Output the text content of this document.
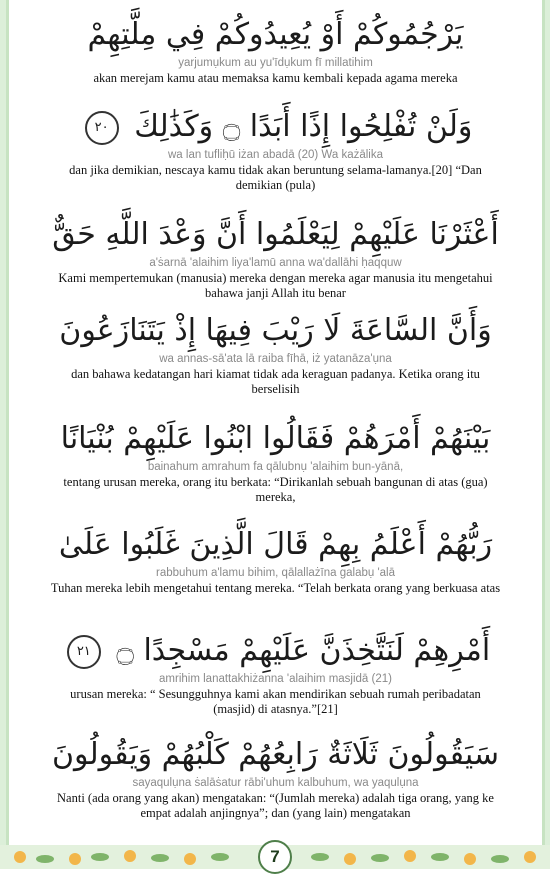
يَرْجُمُوكُمْ أَوْ يُعِيدُوكُمْ فِي مِلَّتِهِمْ
yarjumụkum au yu'īdụkum fī millatihim
akan merejam kamu atau memaksa kamu kembali kepada agama mereka
وَلَنْ تُفْلِحُوا إِذًا أَبَدًا ۝ وَكَذَٰلِكَ ٢٠
wa lan tufliḥū iżan abadā (20) Wa każālika
dan jika demikian, nescaya kamu tidak akan beruntung selama-lamanya.[20] “Dan demikian (pula)
أَعْثَرْنَا عَلَيْهِمْ لِيَعْلَمُوا أَنَّ وَعْدَ اللَّهِ حَقٌّ
a'ṡarnā 'alaihim liya'lamū anna wa'dallāhi ḥaqquw
Kami mempertemukan (manusia) mereka dengan mereka agar manusia itu mengetahui bahawa janji Allah itu benar
وَأَنَّ السَّاعَةَ لَا رَيْبَ فِيهَا إِذْ يَتَنَازَعُونَ
wa annas-sā'ata lā raiba fīhā, iż yatanāza'ụna
dan bahawa kedatangan hari kiamat tidak ada keraguan padanya. Ketika orang itu berselisih
بَيْنَهُمْ أَمْرَهُمْ فَقَالُوا ابْنُوا عَلَيْهِمْ بُنْيَانًا
bainahum amrahum fa qālubnụ 'alaihim bun-yānā,
tentang urusan mereka, orang itu berkata: “Dirikanlah sebuah bangunan di atas (gua) mereka,
رَبُّهُمْ أَعْلَمُ بِهِمْ قَالَ الَّذِينَ غَلَبُوا عَلَىٰ
rabbuhum a'lamu bihim, qālallażīna galabụ 'alā
Tuhan mereka lebih mengetahui tentang mereka. “Telah berkata orang yang berkuasa atas
أَمْرِهِمْ لَنَتَّخِذَنَّ عَلَيْهِمْ مَسْجِدًا ۝ ٢١
amrihim lanattakhiżanna 'alaihim masjidā (21)
urusan mereka: “ Sesungguhnya kami akan mendirikan sebuah rumah peribadatan (masjid) di atasnya.”[21]
سَيَقُولُونَ ثَلَاثَةٌ رَابِعُهُمْ كَلْبُهُمْ وَيَقُولُونَ
sayaqulụna ṡalāṡatur rābi'uhum kalbuhum, wa yaqulụna
Nanti (ada orang yang akan) mengatakan: “(Jumlah mereka) adalah tiga orang, yang ke empat adalah anjingnya”; dan (yang lain) mengatakan
7
